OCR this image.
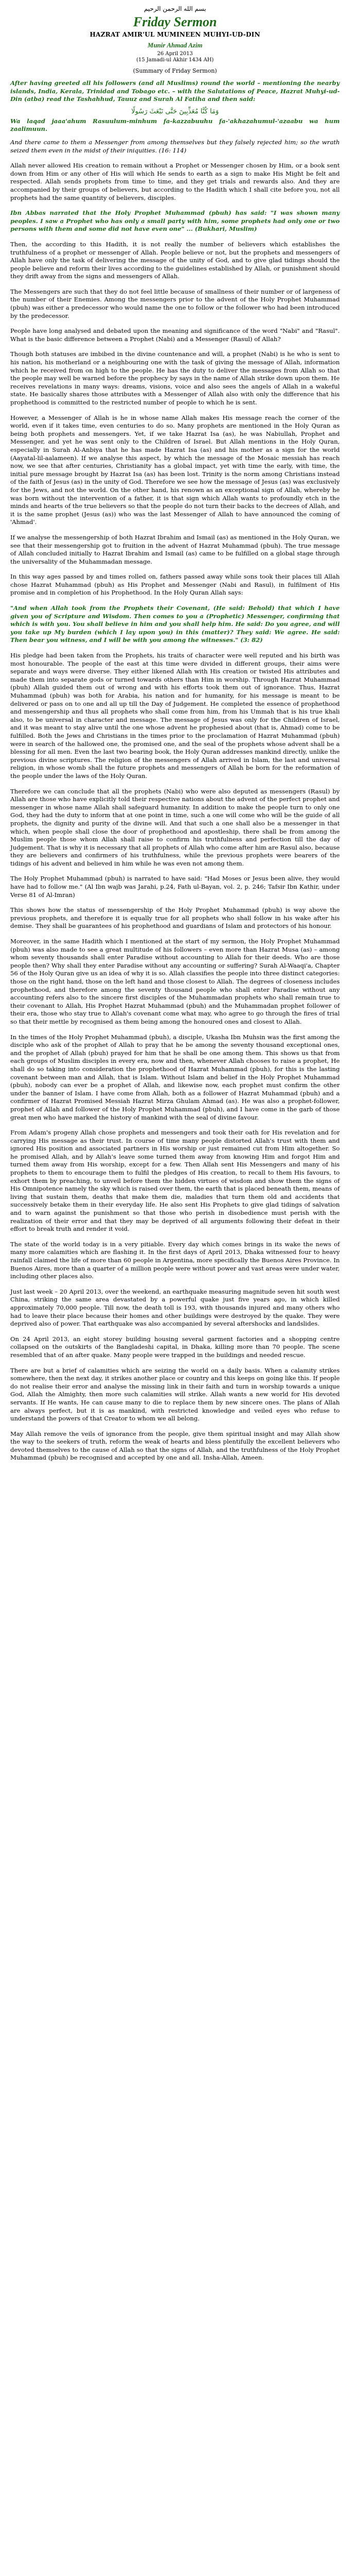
بسم الله الرحمن الرحيم
Friday Sermon
HAZRAT AMIR'UL MUMINEEN MUHYI-UD-DIN
Munir Ahmad Azim
26 April 2013
(15 Jamadi-ul Akhir 1434 AH)
(Summary of Friday Sermon)

After having greeted all his followers (and all Muslims) round the world – mentioning the nearby islands, India, Kerala, Trinidad and Tobago etc. – with the Salutations of Peace, Hazrat Muhyi-ud-Din (atba) read the Tashahhud, Tauuz and Surah Al Fatiha and then said:

وَمَا كُنَّا مُعَذِّبِينَ حَتَّى نَبْعَثَ رَسُولًا

Wa laqad jaaa'ahum Rasuulum-minhum fa-kazzabuuhu fa-'akhazahumul-'azaabu wa hum zaalimuun.

And there came to them a Messenger from among themselves but they falsely rejected him; so the wrath seized them even in the midst of their iniquities. (16: 114)

Allah never allowed His creation to remain without a Prophet or Messenger chosen by Him, or a book sent down from Him or any other of His will which He sends to earth as a sign to make His Might be felt and respected. Allah sends prophets from time to time, and they get trials and rewards also. And they are accompanied by their groups of believers, but according to the Hadith which I shall cite before you, not all prophets had the same quantity of believers, disciples.

Ibn Abbas narrated that the Holy Prophet Muhammad (pbuh) has said: "I was shown many peoples. I saw a Prophet who has only a small party with him, some prophets had only one or two persons with them and some did not have even one" ... (Bukhari, Muslim)

Then, the according to this Hadith, it is not really the number of believers which establishes the truthfulness of a prophet or messenger of Allah. People believe or not, but the prophets and messengers of Allah have only the task of delivering the message of the unity of God, and to give glad tidings should the people believe and reform their lives according to the guidelines established by Allah, or punishment should they drift away from the signs and messengers of Allah.

The Messengers are such that they do not feel little because of smallness of their number or of largeness of the number of their Enemies. Among the messengers prior to the advent of the Holy Prophet Muhammad (pbuh) was either a predecessor who would name the one to follow or the follower who had been introduced by the predecessor.

People have long analysed and debated upon the meaning and significance of the word "Nabi" and "Rasul". What is the basic difference between a Prophet (Nabi) and a Messenger (Rasul) of Allah?

Though both statuses are imbibed in the divine countenance and will, a prophet (Nabi) is he who is sent to his nation, his motherland or a neighbouring one with the task of giving the message of Allah, information which he received from on high to the people. He has the duty to deliver the messages from Allah so that the people may well be warned before the prophecy by says in the name of Allah strike down upon them. He receives revelations in many ways: dreams, visions, voice and also sees the angels of Allah in a wakeful state. He basically shares those attributes with a Messenger of Allah also with only the difference that his prophethood is committed to the restricted number of people to which he is sent.

However, a Messenger of Allah is he in whose name Allah makes His message reach the corner of the world, even if it takes time, even centuries to do so. Many prophets are mentioned in the Holy Quran as being both prophets and messengers. Yet, if we take Hazrat Isa (as), he was Nabiullah, Prophet and Messenger, and yet he was sent only to the Children of Israel. But Allah mentions in the Holy Quran, especially in Surah Al-Anbiya that he has made Hazrat Isa (as) and his mother as a sign for the world (Aayatal-lil-aalameen). If we analyse this aspect, by which the message of the Mosaic messiah has reach now, we see that after centuries, Christianity has a global impact, yet with time the early, with time, the initial pure message brought by Hazrat Isa (as) has been lost. Trinity is the norm among Christians instead of the faith of Jesus (as) in the unity of God. Therefore we see how the message of Jesus (as) was exclusively for the Jews, and not the world. On the other hand, his renown as an exceptional sign of Allah, whereby he was born without the intervention of a father, it is that sign which Allah wants to profoundly etch in the minds and hearts of the true believers so that the people do not turn their backs to the decrees of Allah, and it is the same prophet (Jesus (as)) who was the last Messenger of Allah to have announced the coming of 'Ahmad'.

If we analyse the messengership of both Hazrat Ibrahim and Ismail (as) as mentioned in the Holy Quran, we see that their messengership got to fruition in the advent of Hazrat Muhammad (pbuh). The true message of Allah concluded initially to Hazrat Ibrahim and Ismail (as) came to be fulfilled on a global stage through the universality of the Muhammadan message.

In this way ages passed by and times rolled on, fathers passed away while sons took their places till Allah chose Hazrat Muhammad (pbuh) as His Prophet and Messenger (Nabi and Rasul), in fulfilment of His promise and in completion of his Prophethood. In the Holy Quran Allah says:

"And when Allah took from the Prophets their Covenant, (He said: Behold) that which I have given you of Scripture and Wisdom. Then comes to you a (Prophetic) Messenger, confirming that which is with you. You shall believe in him and you shall help him. He said: Do you agree, and will you take up My burden (which I lay upon you) in this (matter)? They said: We agree. He said: Then bear you witness, and I will be with you among the witnesses." (3: 82)

His pledge had been taken from the Prophets, his traits of character were well reputed and his birth was most honourable. The people of the east at this time were divided in different groups, their aims were separate and ways were diverse. They either likened Allah with His creation or twisted His attributes and made them into separate gods or turned towards others than Him in worship. Through Hazrat Muhammad (pbuh) Allah guided them out of wrong and with his efforts took them out of ignorance. Thus, Hazrat Muhammad (pbuh) was both for Arabia, his nation and for humanity, for his message is meant to be delivered or pass on to one and all up till the Day of Judgement. He completed the essence of prophethood and messengership and thus all prophets who shall come from him, from his Ummah that is his true khali also, to be universal in character and message. The message of Jesus was only for the Children of Israel, and it was meant to stay alive until the one whose advent he prophesied about (that is, Ahmad) come to be fulfilled. Both the Jews and Christians in the times prior to the proclamation of Hazrat Muhammad (pbuh) were in search of the hallowed one, the promised one, and the seal of the prophets whose advent shall be a blessing for all men. Even the last two bearing book, the Holy Quran addresses mankind directly, unlike the previous divine scriptures. The religion of the messengers of Allah arrived in Islam, the last and universal religion, in whose womb shall the future prophets and messengers of Allah be born for the reformation of the people under the laws of the Holy Quran.

Therefore we can conclude that all the prophets (Nabi) who were also deputed as messengers (Rasul) by Allah are those who have explicitly told their respective nations about the advent of the perfect prophet and messenger in whose name Allah shall safeguard humanity. In addition to make the people turn to only one God, they had the duty to inform that at one point in time, such a one will come who will be the guide of all prophets, the dignity and purity of the divine will. And that such a one shall also be a messenger in that which, when people shall close the door of prophethood and apostleship, there shall be from among the Muslim people those whom Allah shall raise to confirm his truthfulness and perfection till the day of Judgement. That is why it is necessary that all prophets of Allah who come after him are Rasul also, because they are believers and confirmers of his truthfulness, while the previous prophets were bearers of the tidings of his advent and believed in him while he was even not among them.

The Holy Prophet Muhammad (pbuh) is narrated to have said: "Had Moses or Jesus been alive, they would have had to follow me." (Al Ibn wajb was Jarahi, p.24, Fath ul-Bayan, vol. 2, p. 246; Tafsir Ibn Kathir, under Verse 81 of Al-Imran)

This shows how the status of messengership of the Holy Prophet Muhammad (pbuh) is way above the previous prophets, and therefore it is equally true for all prophets who shall follow in his wake after his demise. They shall be guarantees of his prophethood and guardians of Islam and protectors of his honour.

Moreover, in the same Hadith which I mentioned at the start of my sermon, the Holy Prophet Muhammad (pbuh) was also made to see a great multitude of his followers – even more than Hazrat Musa (as) – among whom seventy thousands shall enter Paradise without accounting to Allah for their deeds. Who are those people then? Why shall they enter Paradise without any accounting or suffering? Surah Al-Waaqi'a, Chapter 56 of the Holy Quran give us an idea of why it is so. Allah classifies the people into three distinct categories: those on the right hand, those on the left hand and those closest to Allah. The degrees of closeness includes prophethood, and therefore among the seventy thousand people who shall enter Paradise without any accounting refers also to the sincere first disciples of the Muhammadan prophets who shall remain true to their covenant to Allah, His Prophet Hazrat Muhammad (pbuh) and the Muhammadan prophet follower of their era, those who stay true to Allah's covenant come what may, who agree to go through the fires of trial so that their mettle by recognised as them being among the honoured ones and closest to Allah.

In the times of the Holy Prophet Muhammad (pbuh), a disciple, Ukasha Ibn Muhsin was the first among the disciple who ask of the prophet of Allah to pray that he be among the seventy thousand exceptional ones, and the prophet of Allah (pbuh) prayed for him that he shall be one among them. This shows us that from each groups of Muslim disciples in every era, now and then, whenever Allah chooses to raise a prophet, He shall do so taking into consideration the prophethood of Hazrat Muhammad (pbuh), for this is the lasting covenant between man and Allah, that is Islam. Without Islam and belief in the Holy Prophet Muhammad (pbuh), nobody can ever be a prophet of Allah, and likewise now, each prophet must confirm the other under the banner of Islam. I have come from Allah, both as a follower of Hazrat Muhammad (pbuh) and a confirmer of Hazrat Promised Messiah Hazrat Mirza Ghulam Ahmad (as). He was also a prophet-follower, prophet of Allah and follower of the Holy Prophet Muhammad (pbuh), and I have come in the garb of those great men who have marked the history of mankind with the seal of divine favour.

From Adam's progeny Allah chose prophets and messengers and took their oath for His revelation and for carrying His message as their trust. In course of time many people distorted Allah's trust with them and ignored His position and associated partners in His worship or just remained cut from Him altogether. So he promised Allah, and by Allah's leave some turned them away from knowing Him and forgot Him and turned them away from His worship, except for a few. Then Allah sent His Messengers and many of his prophets to them to encourage them to fulfil the pledges of His creation, to recall to them His favours, to exhort them by preaching, to unveil before them the hidden virtues of wisdom and show them the signs of His Omnipotence namely the sky which is raised over them, the earth that is placed beneath them, means of living that sustain them, deaths that make them die, maladies that turn them old and accidents that successively betake them in their everyday life. He also sent His Prophets to give glad tidings of salvation and to warn against the punishment so that those who perish in disobedience must perish with the realization of their error and that they may be deprived of all arguments following their defeat in their effort to break truth and render it void.

The state of the world today is in a very pitiable. Every day which comes brings in its wake the news of many more calamities which are flashing it. In the first days of April 2013, Dhaka witnessed four to heavy rainfall claimed the life of more than 60 people in Argentina, more specifically the Buenos Aires Province. In Buenos Aires, more than a quarter of a million people were without power and vast areas were under water, including other places also.

Just last week – 20 April 2013, over the weekend, an earthquake measuring magnitude seven hit south west China, striking the same area devastated by a powerful quake just five years ago, in which killed approximately 70,000 people. Till now, the death toll is 193, with thousands injured and many others who had to leave their place because their homes and other buildings were destroyed by the quake. They were deprived also of power. That earthquake was also accompanied by several aftershocks and landslides.

On 24 April 2013, an eight storey building housing several garment factories and a shopping centre collapsed on the outskirts of the Bangladeshi capital, in Dhaka, killing more than 70 people. The scene resembled that of an after quake. Many people were trapped in the buildings and needed rescue.

There are but a brief of calamities which are seizing the world on a daily basis. When a calamity strikes somewhere, then the next day, it strikes another place or country and this keeps on going like this. If people do not realise their error and analyse the missing link in their faith and turn in worship towards a unique God, Allah the Almighty, then more such calamities will strike. Allah wants a new world for His devoted servants. If He wants, He can cause many to die to replace them by new sincere ones. The plans of Allah are always perfect, but it is as mankind, with restricted knowledge and veiled eyes who refuse to understand the powers of that Creator to whom we all belong.

May Allah remove the veils of ignorance from the people, give them spiritual insight and may Allah show the way to the seekers of truth, reform the weak of hearts and bless plentifully the excellent believers who devoted themselves to the cause of Allah so that the signs of Allah, and the truthfulness of the Holy Prophet Muhammad (pbuh) be recognised and accepted by one and all. Insha-Allah, Ameen.
